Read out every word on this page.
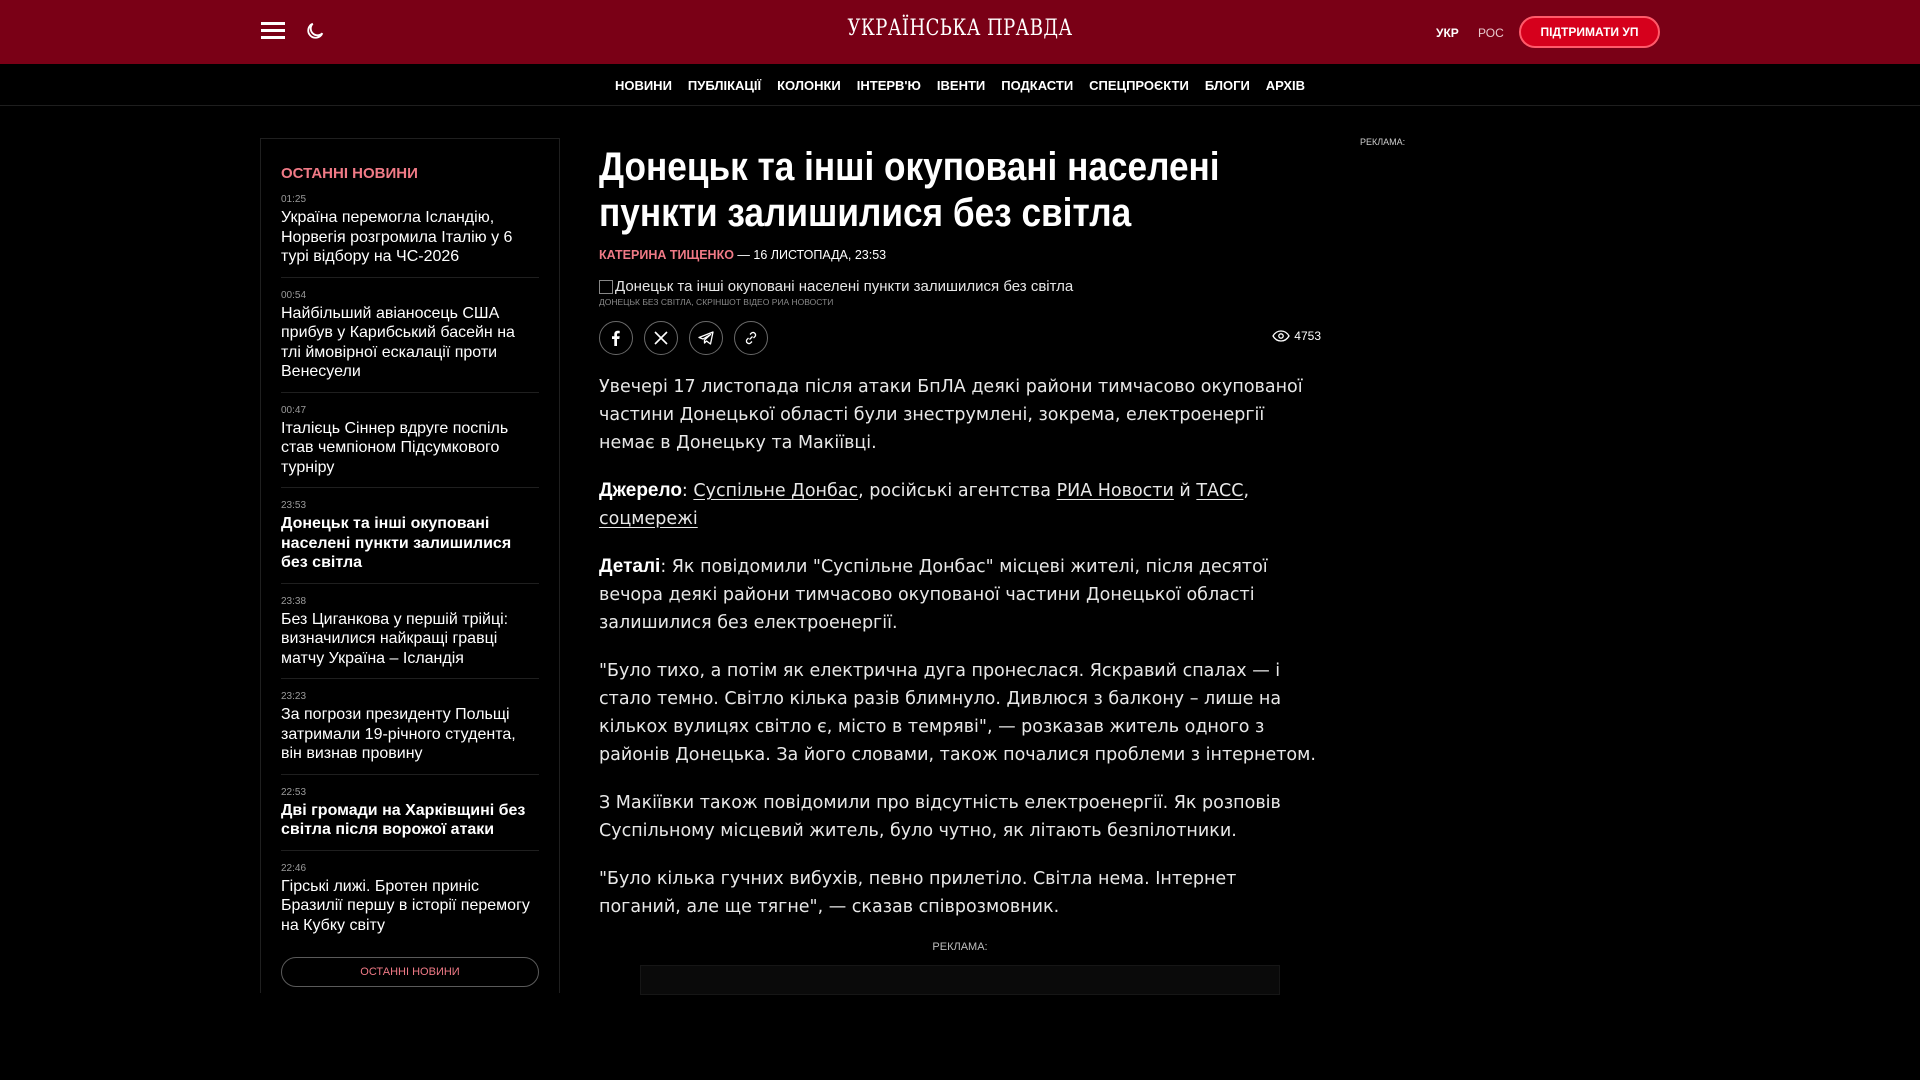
УКРАЇНСЬКА ПРАВДА	УКР РОС	ПІДТРИМАТИ УП
НОВИНИ ПУБЛІКАЦІЇ КОЛОНКИ ІНТЕРВ'Ю ІВЕНТИ ПОДКАСТИ СПЕЦПРОЄКТИ БЛОГИ АРХІВ
ОСТАННІ НОВИНИ
01:25
Україна перемогла Ісландію, Норвегія розгромила Італію у 6 турі відбору на ЧС-2026
00:54
Найбільший авіаносець США прибув у Карибський басейн на тлі ймовірної ескалації проти Венесуели
00:47
Італієць Сіннер вдруге поспіль став чемпіоном Підсумкового турніру
23:53
Донецьк та інші окуповані населені пункти залишилися без світла
23:38
Без Циганкова у першій трійці: визначилися найкращі гравці матчу Україна – Ісландія
23:23
За погрози президенту Польщі затримали 19-річного студента, він визнав провину
22:53
Дві громади на Харківщині без світла після ворожої атаки
22:46
Гірські лижі. Бротен приніс Бразилії першу в історії перемогу на Кубку світу
ОСТАННІ НОВИНИ
Донецьк та інші окуповані населені пункти залишилися без світла
КАТЕРИНА ТИЩЕНКО — 16 ЛИСТОПАДА, 23:53
Донецьк та інші окуповані населені пункти залишилися без світла
ДОНЕЦЬК БЕЗ СВІТЛА, СКРІНШОТ ВІДЕО РИА НОВОСТИ

4753

Увечері 17 листопада після атаки БпЛА деякі райони тимчасово окупованої частини Донецької області були знеструмлені, зокрема, електроенергії немає в Донецьку та Макіївці.

Джерело: Суспільне Донбас, російські агентства РИА Новости й ТАСС, соцмережі

Деталі: Як повідомили "Суспільне Донбас" місцеві жителі, після десятої вечора деякі райони тимчасово окупованої частини Донецької області залишилися без електроенергії.

"Було тихо, а потім як електрична дуга пронеслася. Яскравий спалах — і стало темно. Світло кілька разів блимнуло. Дивлюся з балкону – лише на кількох вулицях світло є, місто в темряві", — розказав житель одного з районів Донецька. За його словами, також почалися проблеми з інтернетом.

З Макіївки також повідомили про відсутність електроенергії. Як розповів Суспільному місцевий житель, було чутно, як літають безпілотники.

"Було кілька гучних вибухів, певно прилетіло. Світла нема. Інтернет поганий, але ще тягне", — сказав співрозмовник.

РЕКЛАМА:
РЕКЛАМА:
